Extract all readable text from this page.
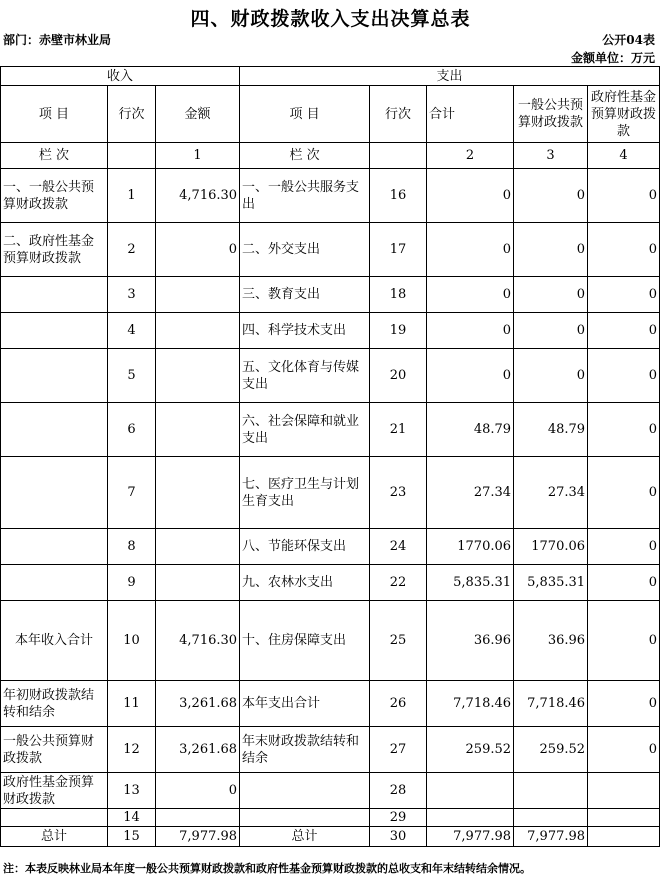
四、财政拨款收入支出决算总表
部门：赤壁市林业局	公开04表
金额单位：万元
收入			支出				
项 目	行次	金额	项 目	行次	合计	一般公共预算财政拨款	政府性基金预算财政拨款
栏 次		1	栏 次		2	3	4
一、一般公共预算财政拨款	1	4,716.30	一、一般公共服务支出	16	0	0	0
二、政府性基金预算财政拨款	2	0	二、外交支出	17	0	0	0
	3		三、教育支出	18	0	0	0
	4		四、科学技术支出	19	0	0	0
	5		五、文化体育与传媒支出	20	0	0	0
	6		六、社会保障和就业支出	21	48.79	48.79	0
	7		七、医疗卫生与计划生育支出	23	27.34	27.34	0
	8		八、节能环保支出	24	1770.06	1770.06	0
	9		九、农林水支出	22	5,835.31	5,835.31	0
本年收入合计	10	4,716.30	十、住房保障支出	25	36.96	36.96	0
年初财政拨款结转和结余	11	3,261.68	本年支出合计	26	7,718.46	7,718.46	0
一般公共预算财政拨款	12	3,261.68	年末财政拨款结转和结余	27	259.52	259.52	0
政府性基金预算财政拨款	13	0		28			
	14			29			
总计	15	7,977.98	总计	30	7,977.98	7,977.98	
注：本表反映林业局本年度一般公共预算财政拨款和政府性基金预算财政拨款的总收支和年末结转结余情况。
